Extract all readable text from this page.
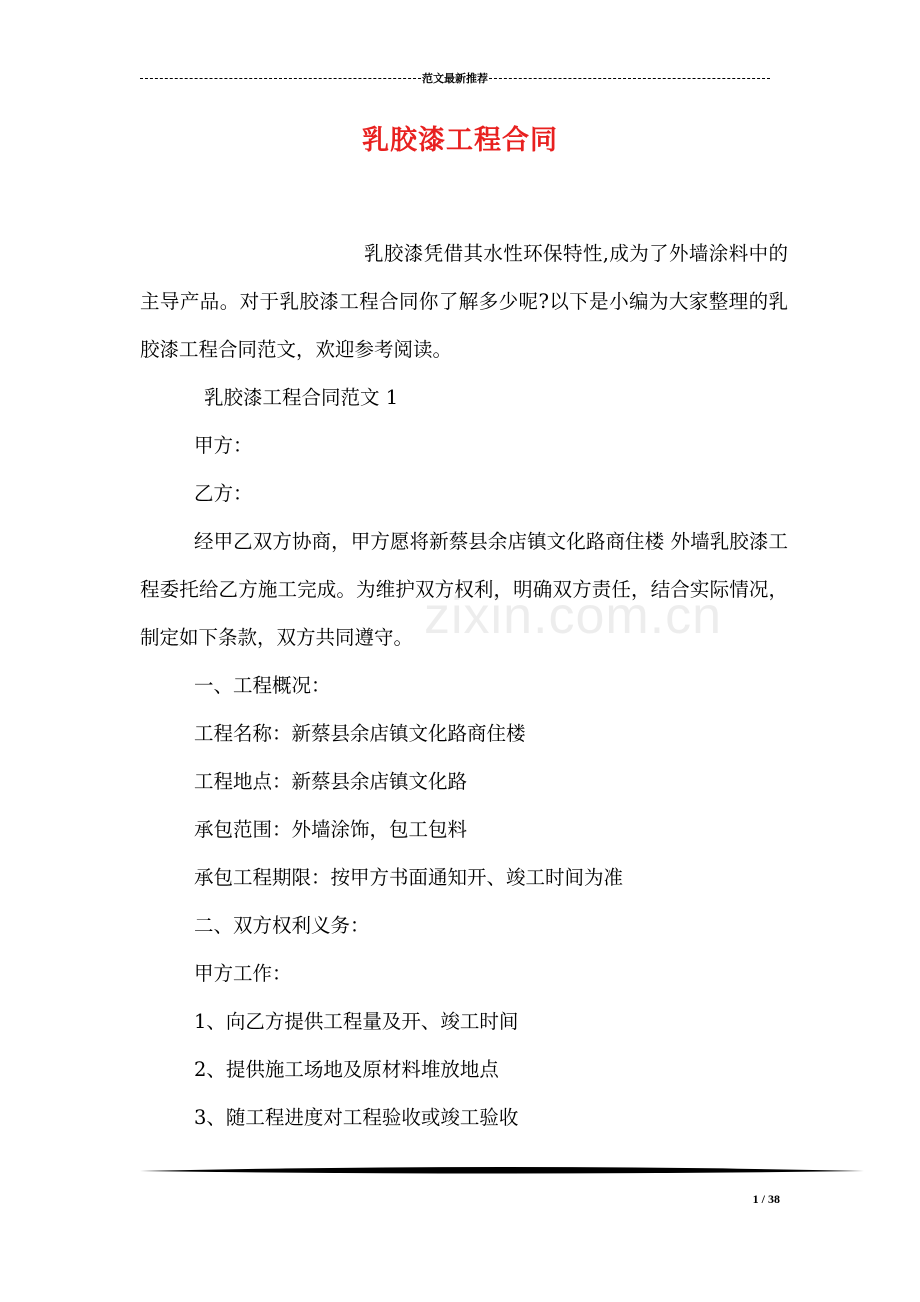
范文最新推荐
乳胶漆工程合同
zixin.com.cn

乳胶漆凭借其水性环保特性,成为了外墙涂料中的主导产品。对于乳胶漆工程合同你了解多少呢?以下是小编为大家整理的乳胶漆工程合同范文，欢迎参考阅读。

乳胶漆工程合同范文 1

甲方：

乙方：

经甲乙双方协商，甲方愿将新蔡县余店镇文化路商住楼 外墙乳胶漆工程委托给乙方施工完成。为维护双方权利，明确双方责任，结合实际情况，制定如下条款，双方共同遵守。

一、工程概况：

工程名称：新蔡县余店镇文化路商住楼

工程地点：新蔡县余店镇文化路

承包范围：外墙涂饰，包工包料

承包工程期限：按甲方书面通知开、竣工时间为准

二、双方权利义务：

甲方工作：

1、向乙方提供工程量及开、竣工时间

2、提供施工场地及原材料堆放地点

3、随工程进度对工程验收或竣工验收

1 / 38
